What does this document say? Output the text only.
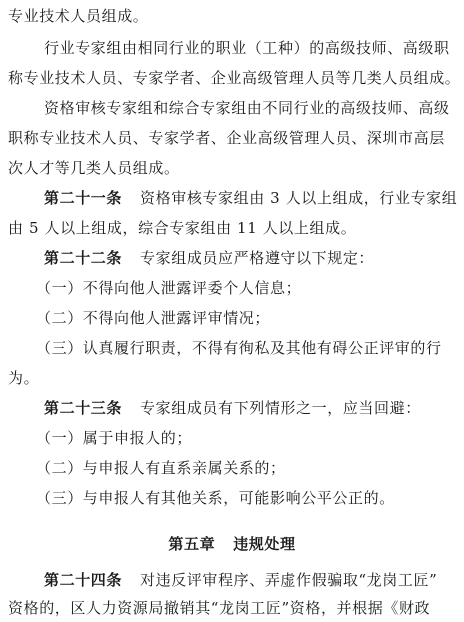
专业技术人员组成。
行业专家组由相同行业的职业（工种）的高级技师、高级职
称专业技术人员、专家学者、企业高级管理人员等几类人员组成。
资格审核专家组和综合专家组由不同行业的高级技师、高级
职称专业技术人员、专家学者、企业高级管理人员、深圳市高层
次人才等几类人员组成。
第二十一条 资格审核专家组由 3 人以上组成，行业专家组
由 5 人以上组成，综合专家组由 11 人以上组成。
第二十二条 专家组成员应严格遵守以下规定：
（一）不得向他人泄露评委个人信息；
（二）不得向他人泄露评审情况；
（三）认真履行职责，不得有徇私及其他有碍公正评审的行
为。
第二十三条 专家组成员有下列情形之一，应当回避：
（一）属于申报人的；
（二）与申报人有直系亲属关系的；
（三）与申报人有其他关系，可能影响公平公正的。
第五章 违规处理
第二十四条 对违反评审程序、弄虚作假骗取“龙岗工匠”
资格的，区人力资源局撤销其“龙岗工匠”资格，并根据《财政
